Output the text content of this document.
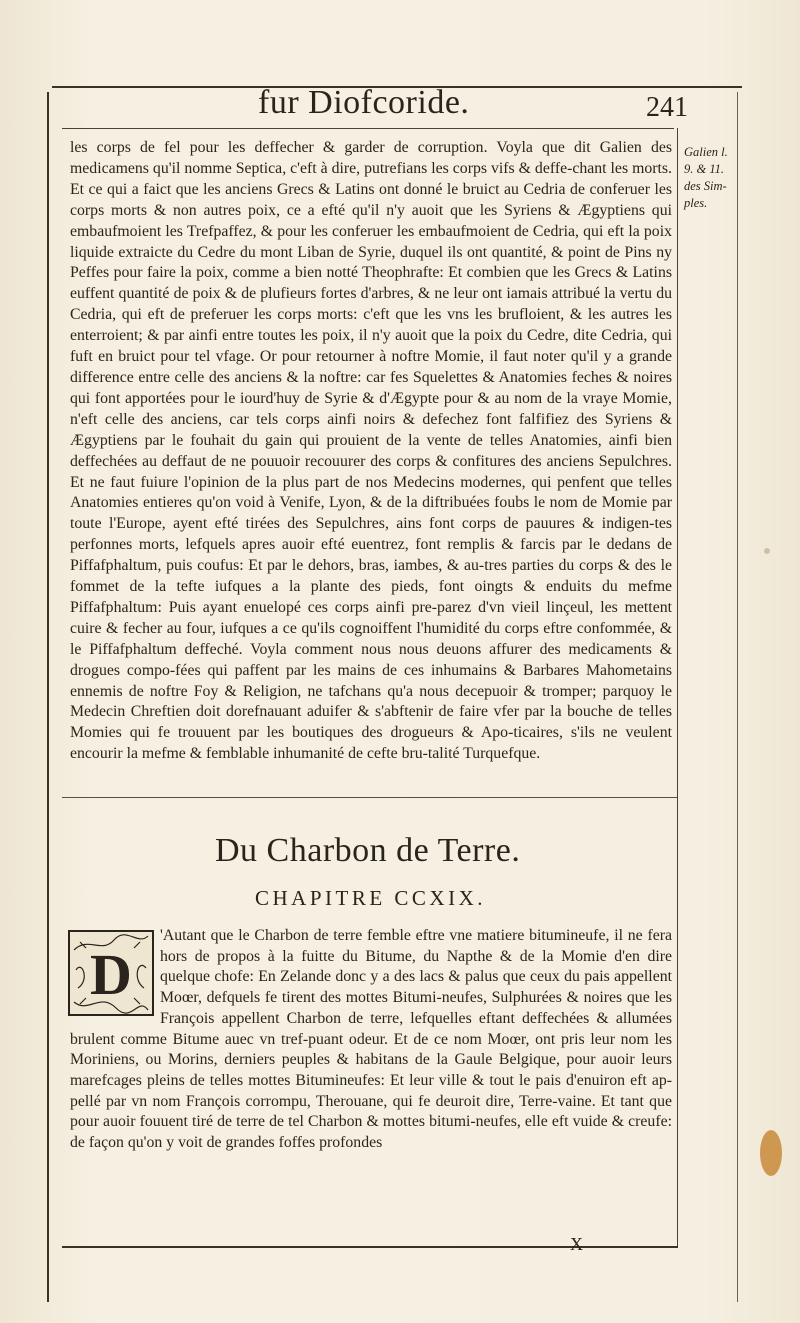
fur Diofcoride.	241
Galien l. 9. & 11. des Sim-ples.

les corps de fel pour les deffecher & garder de corruption. Voyla que dit Galien des medicamens qu'il nomme Septica, c'eft à dire, putrefians les corps vifs & deffe-chant les morts. Et ce qui a faict que les anciens Grecs & Latins ont donné le bruict au Cedria de conferuer les corps morts & non autres poix, ce a efté qu'il n'y auoit que les Syriens & Ægyptiens qui embaufmoient les Trefpaffez, & pour les conferuer les embaufmoient de Cedria, qui eft la poix liquide extraicte du Cedre du mont Liban de Syrie, duquel ils ont quantité, & point de Pins ny Peffes pour faire la poix, comme a bien notté Theophrafte: Et combien que les Grecs & Latins euffent quantité de poix & de plufieurs fortes d'arbres, & ne leur ont iamais attribué la vertu du Cedria, qui eft de preferuer les corps morts: c'eft que les vns les brufloient, & les autres les enterroient; & par ainfi entre toutes les poix, il n'y auoit que la poix du Cedre, dite Cedria, qui fuft en bruict pour tel vfage. Or pour retourner à noftre Momie, il faut noter qu'il y a grande difference entre celle des anciens & la noftre: car fes Squelettes & Anatomies feches & noires qui font apportées pour le iourd'huy de Syrie & d'Ægypte pour & au nom de la vraye Momie, n'eft celle des anciens, car tels corps ainfi noirs & defechez font falfifiez des Syriens & Ægyptiens par le fouhait du gain qui prouient de la vente de telles Anatomies, ainfi bien deffechées au deffaut de ne pouuoir recouurer des corps & confitures des anciens Sepulchres. Et ne faut fuiure l'opinion de la plus part de nos Medecins modernes, qui penfent que telles Anatomies entieres qu'on void à Venife, Lyon, & de la diftribuées foubs le nom de Momie par toute l'Europe, ayent efté tirées des Sepulchres, ains font corps de pauures & indigen-tes perfonnes morts, lefquels apres auoir efté euentrez, font remplis & farcis par le dedans de Piffafphaltum, puis coufus: Et par le dehors, bras, iambes, & au-tres parties du corps & des le fommet de la tefte iufques a la plante des pieds, font oingts & enduits du mefme Piffafphaltum: Puis ayant enuelopé ces corps ainfi pre-parez d'vn vieil linçeul, les mettent cuire & fecher au four, iufques a ce qu'ils cognoiffent l'humidité du corps eftre confommée, & le Piffafphaltum deffeché. Voyla comment nous nous deuons affurer des medicaments & drogues compo-fées qui paffent par les mains de ces inhumains & Barbares Mahometains ennemis de noftre Foy & Religion, ne tafchans qu'a nous decepuoir & tromper; parquoy le Medecin Chreftien doit dorefnauant aduifer & s'abftenir de faire vfer par la bouche de telles Momies qui fe trouuent par les boutiques des drogueurs & Apo-ticaires, s'ils ne veulent encourir la mefme & femblable inhumanité de cefte bru-talité Turquefque.

Du Charbon de Terre.
CHAPITRE CCXIX.
D
'Autant que le Charbon de terre femble eftre vne matiere bitumineufe, il ne fera hors de propos à la fuitte du Bitume, du Napthe & de la Momie d'en dire quelque chofe: En Zelande donc y a des lacs & palus que ceux du pais appellent Moœr, defquels fe tirent des mottes Bitumi-neufes, Sulphurées & noires que les François appellent Charbon de terre, lefquelles eftant deffechées & allumées brulent comme Bitume auec vn tref-puant odeur. Et de ce nom Moœr, ont pris leur nom les Moriniens, ou Morins, derniers peuples & habitans de la Gaule Belgique, pour auoir leurs marefcages pleins de telles mottes Bitumineufes: Et leur ville & tout le pais d'enuiron eft ap-pellé par vn nom François corrompu, Therouane, qui fe deuroit dire, Terre-vaine. Et tant que pour auoir fouuent tiré de terre de tel Charbon & mottes bitumi-neufes, elle eft vuide & creufe: de façon qu'on y voit de grandes foffes profondes
X
